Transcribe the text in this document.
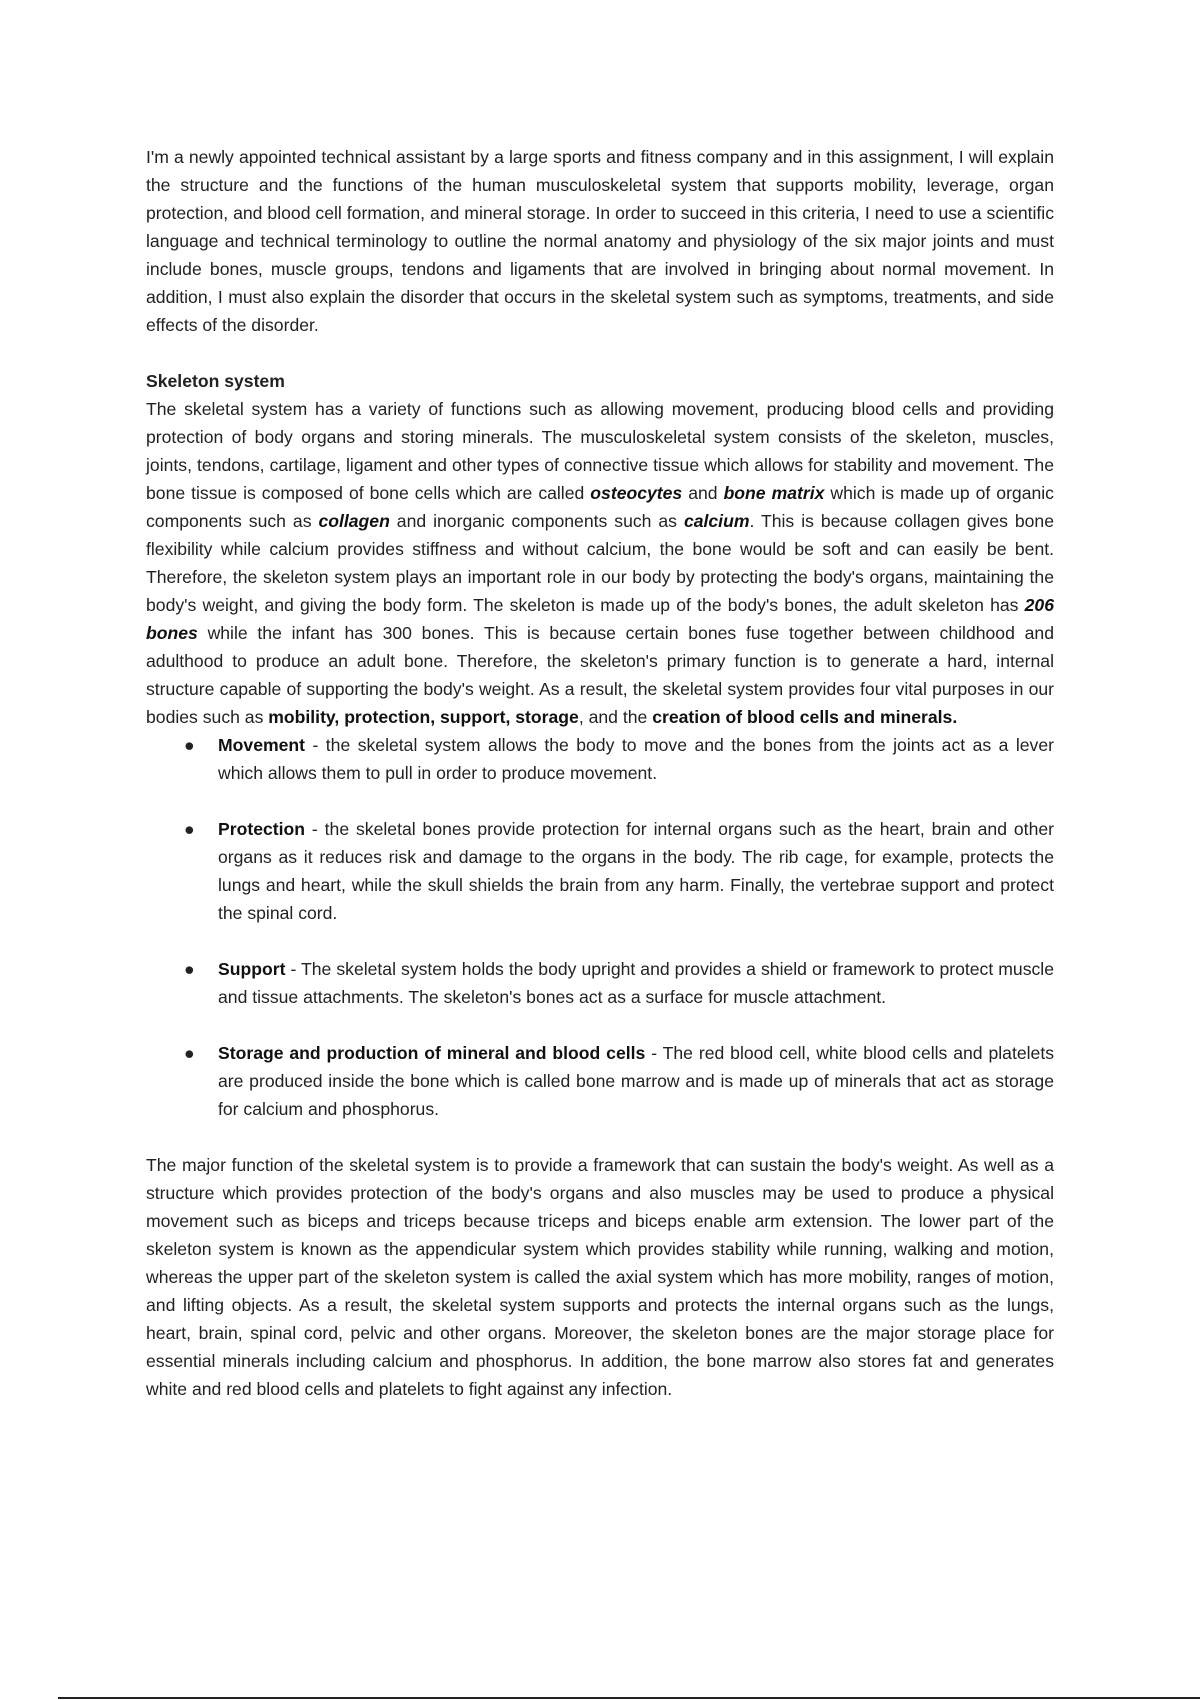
I'm a newly appointed technical assistant by a large sports and fitness company and in this assignment, I will explain the structure and the functions of the human musculoskeletal system that supports mobility, leverage, organ protection, and blood cell formation, and mineral storage. In order to succeed in this criteria, I need to use a scientific language and technical terminology to outline the normal anatomy and physiology of the six major joints and must include bones, muscle groups, tendons and ligaments that are involved in bringing about normal movement. In addition, I must also explain the disorder that occurs in the skeletal system such as symptoms, treatments, and side effects of the disorder.

Skeleton system

The skeletal system has a variety of functions such as allowing movement, producing blood cells and providing protection of body organs and storing minerals. The musculoskeletal system consists of the skeleton, muscles, joints, tendons, cartilage, ligament and other types of connective tissue which allows for stability and movement. The bone tissue is composed of bone cells which are called osteocytes and bone matrix which is made up of organic components such as collagen and inorganic components such as calcium. This is because collagen gives bone flexibility while calcium provides stiffness and without calcium, the bone would be soft and can easily be bent. Therefore, the skeleton system plays an important role in our body by protecting the body's organs, maintaining the body's weight, and giving the body form. The skeleton is made up of the body's bones, the adult skeleton has 206 bones while the infant has 300 bones. This is because certain bones fuse together between childhood and adulthood to produce an adult bone. Therefore, the skeleton's primary function is to generate a hard, internal structure capable of supporting the body's weight. As a result, the skeletal system provides four vital purposes in our bodies such as mobility, protection, support, storage, and the creation of blood cells and minerals.

● Movement - the skeletal system allows the body to move and the bones from the joints act as a lever which allows them to pull in order to produce movement.
● Protection - the skeletal bones provide protection for internal organs such as the heart, brain and other organs as it reduces risk and damage to the organs in the body. The rib cage, for example, protects the lungs and heart, while the skull shields the brain from any harm. Finally, the vertebrae support and protect the spinal cord.
● Support - The skeletal system holds the body upright and provides a shield or framework to protect muscle and tissue attachments. The skeleton's bones act as a surface for muscle attachment.
● Storage and production of mineral and blood cells - The red blood cell, white blood cells and platelets are produced inside the bone which is called bone marrow and is made up of minerals that act as storage for calcium and phosphorus.

The major function of the skeletal system is to provide a framework that can sustain the body's weight. As well as a structure which provides protection of the body's organs and also muscles may be used to produce a physical movement such as biceps and triceps because triceps and biceps enable arm extension. The lower part of the skeleton system is known as the appendicular system which provides stability while running, walking and motion, whereas the upper part of the skeleton system is called the axial system which has more mobility, ranges of motion, and lifting objects. As a result, the skeletal system supports and protects the internal organs such as the lungs, heart, brain, spinal cord, pelvic and other organs. Moreover, the skeleton bones are the major storage place for essential minerals including calcium and phosphorus. In addition, the bone marrow also stores fat and generates white and red blood cells and platelets to fight against any infection.
